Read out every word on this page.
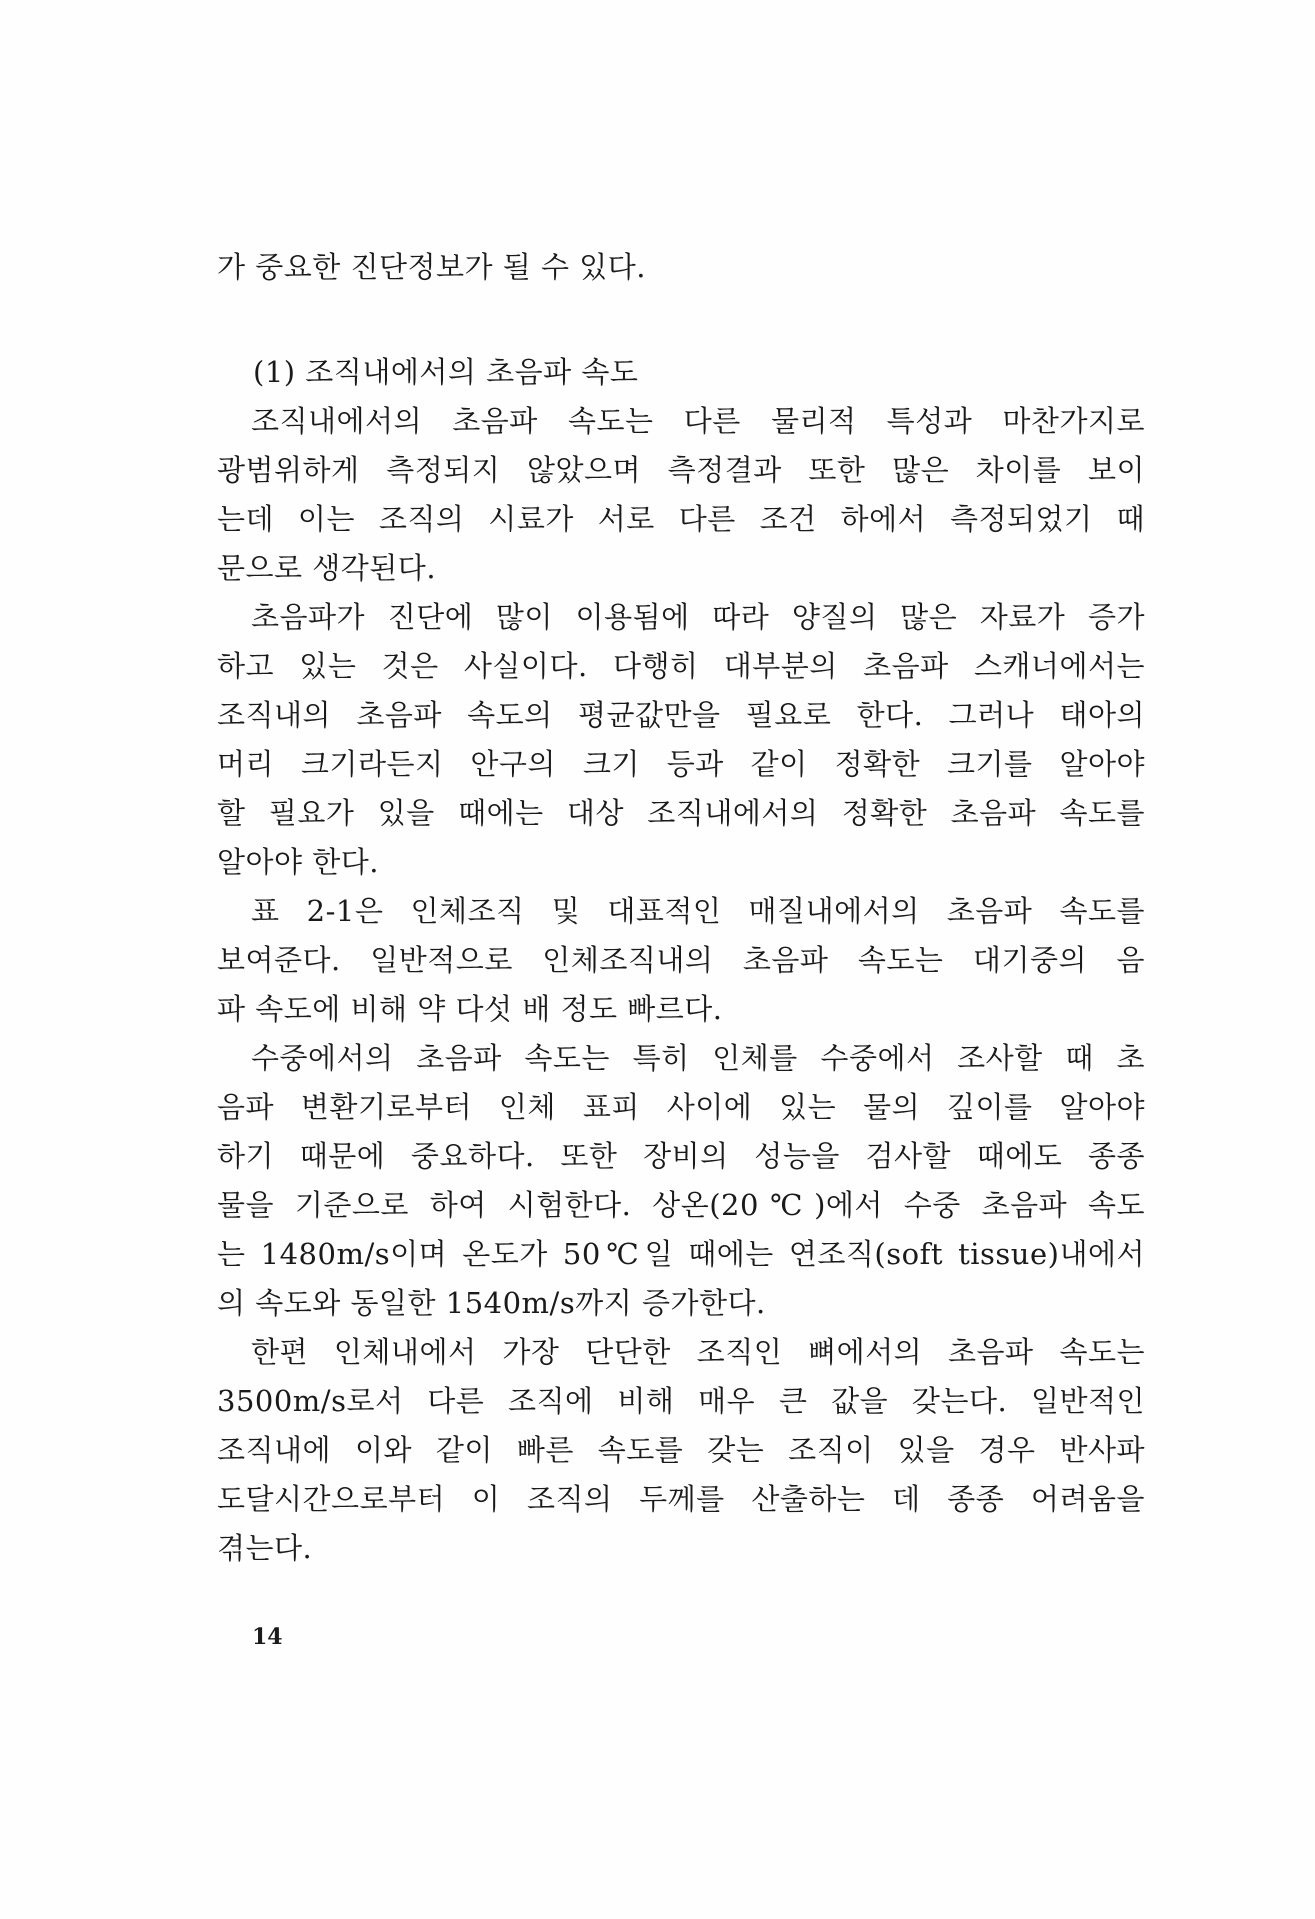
가 중요한 진단정보가 될 수 있다.
(1) 조직내에서의 초음파 속도
조직내에서의 초음파 속도는 다른 물리적 특성과 마찬가지로
광범위하게 측정되지 않았으며 측정결과 또한 많은 차이를 보이
는데 이는 조직의 시료가 서로 다른 조건 하에서 측정되었기 때
문으로 생각된다.
초음파가 진단에 많이 이용됨에 따라 양질의 많은 자료가 증가
하고 있는 것은 사실이다. 다행히 대부분의 초음파 스캐너에서는
조직내의 초음파 속도의 평균값만을 필요로 한다. 그러나 태아의
머리 크기라든지 안구의 크기 등과 같이 정확한 크기를 알아야
할 필요가 있을 때에는 대상 조직내에서의 정확한 초음파 속도를
알아야 한다.
표 2-1은 인체조직 및 대표적인 매질내에서의 초음파 속도를
보여준다. 일반적으로 인체조직내의 초음파 속도는 대기중의 음
파 속도에 비해 약 다섯 배 정도 빠르다.
수중에서의 초음파 속도는 특히 인체를 수중에서 조사할 때 초
음파 변환기로부터 인체 표피 사이에 있는 물의 깊이를 알아야
하기 때문에 중요하다. 또한 장비의 성능을 검사할 때에도 종종
물을 기준으로 하여 시험한다. 상온(20℃)에서 수중 초음파 속도
는 1480m/s이며 온도가 50℃일 때에는 연조직(soft tissue)내에서
의 속도와 동일한 1540m/s까지 증가한다.
한편 인체내에서 가장 단단한 조직인 뼈에서의 초음파 속도는
3500m/s로서 다른 조직에 비해 매우 큰 값을 갖는다. 일반적인
조직내에 이와 같이 빠른 속도를 갖는 조직이 있을 경우 반사파
도달시간으로부터 이 조직의 두께를 산출하는 데 종종 어려움을
겪는다.
14
